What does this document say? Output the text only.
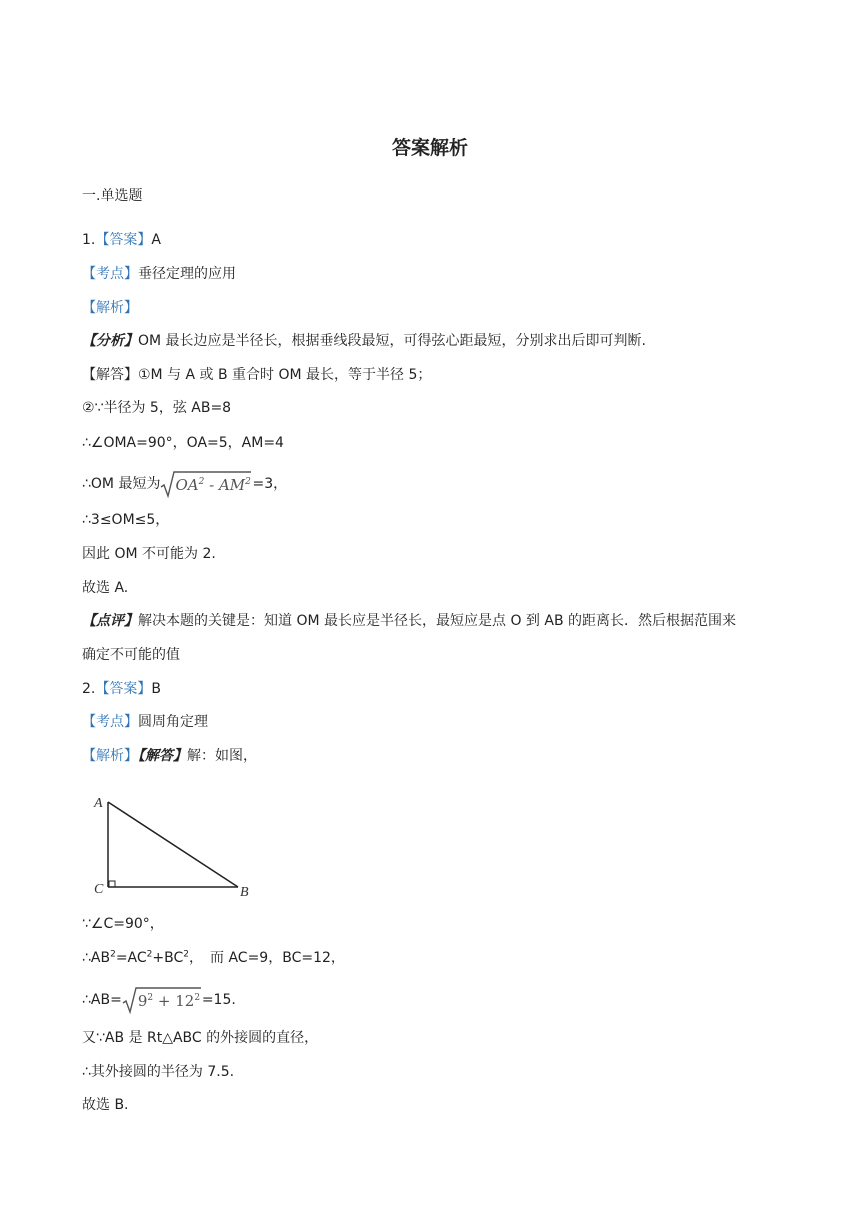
答案解析
一.单选题
1.【答案】A
【考点】垂径定理的应用
【解析】
【分析】OM 最长边应是半径长，根据垂线段最短，可得弦心距最短，分别求出后即可判断.
【解答】①M 与 A 或 B 重合时 OM 最长，等于半径 5；
②∵半径为 5，弦 AB=8
∴∠OMA=90°，OA=5，AM=4
∴OM 最短为 $OA^2 - AM^2 =3$，
∴3≤OM≤5，
因此 OM 不可能为 2.
故选 A.
【点评】解决本题的关键是：知道 OM 最长应是半径长，最短应是点 O 到 AB 的距离长．然后根据范围来
确定不可能的值
2.【答案】B
【考点】圆周角定理
【解析】【解答】解：如图，
A
C	B
∵∠C=90°，
$\therefore AB^2=AC^2+BC^2$，　而 AC=9，BC=12，
∴AB= $9^2 + 12^2 =15$.
又∵AB 是 Rt△ABC 的外接圆的直径，
∴其外接圆的半径为 7.5.
故选 B.
